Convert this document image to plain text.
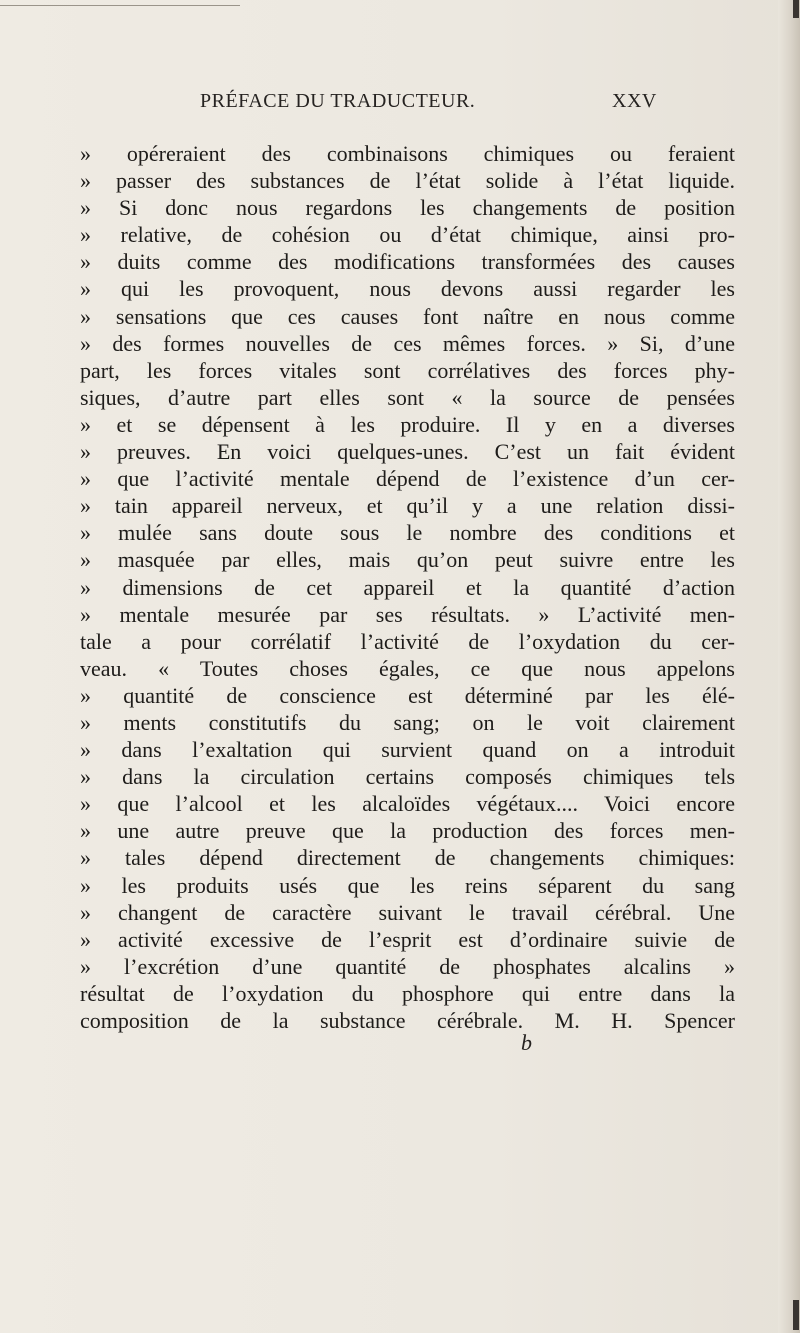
PRÉFACE DU TRADUCTEUR.	XXV
» opéreraient des combinaisons chimiques ou feraient
» passer des substances de l’état solide à l’état liquide.
» Si donc nous regardons les changements de position
» relative, de cohésion ou d’état chimique, ainsi pro-
» duits comme des modifications transformées des causes
» qui les provoquent, nous devons aussi regarder les
» sensations que ces causes font naître en nous comme
» des formes nouvelles de ces mêmes forces. » Si, d’une
part, les forces vitales sont corrélatives des forces phy-
siques, d’autre part elles sont « la source de pensées
» et se dépensent à les produire. Il y en a diverses
» preuves. En voici quelques-unes. C’est un fait évident
» que l’activité mentale dépend de l’existence d’un cer-
» tain appareil nerveux, et qu’il y a une relation dissi-
» mulée sans doute sous le nombre des conditions et
» masquée par elles, mais qu’on peut suivre entre les
» dimensions de cet appareil et la quantité d’action
» mentale mesurée par ses résultats. » L’activité men-
tale a pour corrélatif l’activité de l’oxydation du cer-
veau. « Toutes choses égales, ce que nous appelons
» quantité de conscience est déterminé par les élé-
» ments constitutifs du sang; on le voit clairement
» dans l’exaltation qui survient quand on a introduit
» dans la circulation certains composés chimiques tels
» que l’alcool et les alcaloïdes végétaux.... Voici encore
» une autre preuve que la production des forces men-
» tales dépend directement de changements chimiques:
» les produits usés que les reins séparent du sang
» changent de caractère suivant le travail cérébral. Une
» activité excessive de l’esprit est d’ordinaire suivie de
» l’excrétion d’une quantité de phosphates alcalins »
résultat de l’oxydation du phosphore qui entre dans la
composition de la substance cérébrale. M. H. Spencer
b
